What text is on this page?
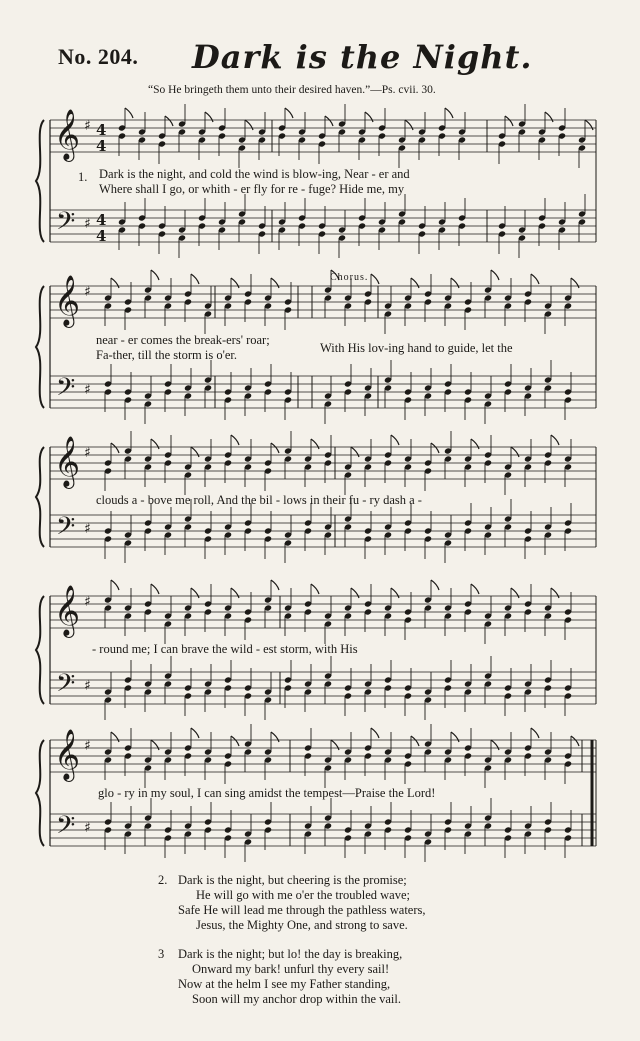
𝄞
𝄢
♯
♯
4
4
4
4
𝄞
𝄢
♯
♯
𝄞
𝄢
♯
♯
𝄞
𝄢
♯
♯
𝄞
𝄢
♯
♯
No. 204. Dark is the Night.
“So He bringeth them unto their desired haven.”—Ps. cvii. 30.
1. Dark is the night, and cold the wind is blow-ing, Near - er and
Where shall I go, or whith - er fly for re - fuge? Hide me, my
near - er comes the break-ers' roar;
Fa-ther, till the storm is o'er.	With His lov-ing hand to guide, let the
Chorus.
clouds a - bove me roll, And the bil - lows in their fu - ry dash a -
- round me; I can brave the wild - est storm, with His
glo - ry in my soul, I can sing amidst the tempest—Praise the Lord!
2. Dark is the night, but cheering is the promise;
He will go with me o'er the troubled wave;
Safe He will lead me through the pathless waters,
Jesus, the Mighty One, and strong to save.
3 Dark is the night; but lo! the day is breaking,
Onward my bark! unfurl thy every sail!
Now at the helm I see my Father standing,
Soon will my anchor drop within the vail.
